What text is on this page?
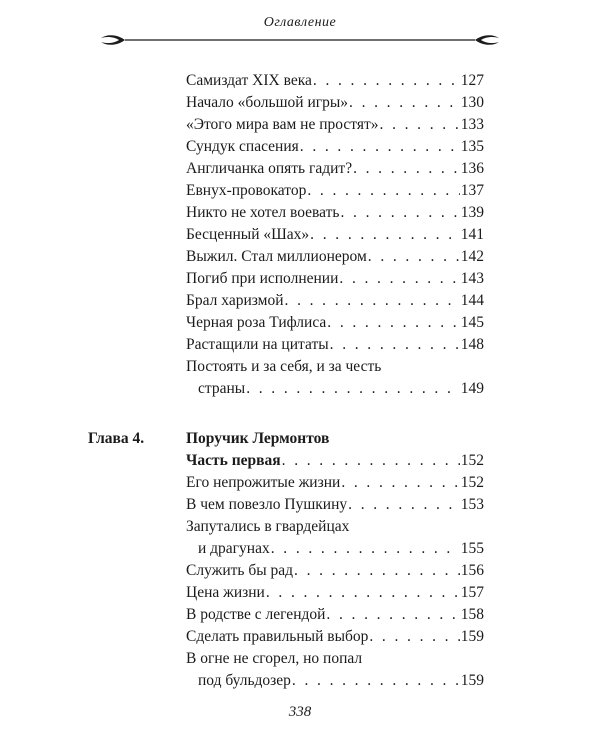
Оглавление
Самиздат XIX века . . .	127
Начало «большой игры» . . .	130
«Этого мира вам не простят» . . .	133
Сундук спасения . . .	135
Англичанка опять гадит? . . .	136
Евнух-провокатор . . .	137
Никто не хотел воевать . . .	139
Бесценный «Шах» . . .	141
Выжил. Стал миллионером . . .	142
Погиб при исполнении . . .	143
Брал харизмой . . .	144
Черная роза Тифлиса . . .	145
Растащили на цитаты . . .	148
Постоять и за себя, и за честь
страны . . .	149
Глава 4.	Поручик Лермонтов
Часть первая . . .	152
Его непрожитые жизни . . .	152
В чем повезло Пушкину . . .	153
Запутались в гвардейцах
и драгунах . . .	155
Служить бы рад . . .	156
Цена жизни . . .	157
В родстве с легендой . . .	158
Сделать правильный выбор . . .	159
В огне не сгорел, но попал
под бульдозер . . .	159
338
